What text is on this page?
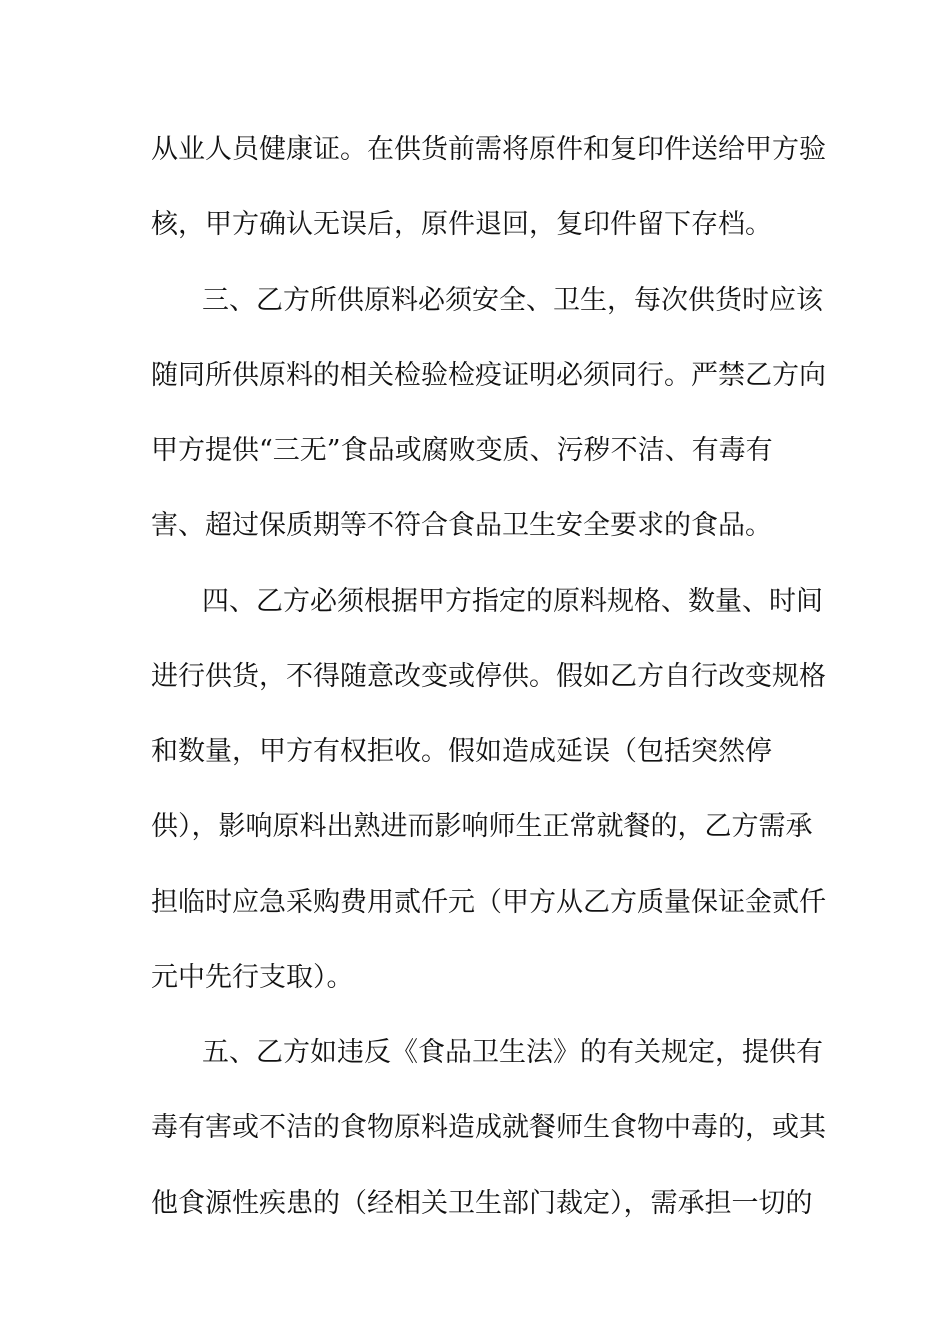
从业人员健康证。在供货前需将原件和复印件送给甲方验
核，甲方确认无误后，原件退回，复印件留下存档。
三、乙方所供原料必须安全、卫生，每次供货时应该
随同所供原料的相关检验检疫证明必须同行。严禁乙方向
甲方提供“三无”食品或腐败变质、污秽不洁、有毒有
害、超过保质期等不符合食品卫生安全要求的食品。
四、乙方必须根据甲方指定的原料规格、数量、时间
进行供货，不得随意改变或停供。假如乙方自行改变规格
和数量，甲方有权拒收。假如造成延误（包括突然停
供），影响原料出熟进而影响师生正常就餐的，乙方需承
担临时应急采购费用贰仟元（甲方从乙方质量保证金贰仟
元中先行支取）。
五、乙方如违反《食品卫生法》的有关规定，提供有
毒有害或不洁的食物原料造成就餐师生食物中毒的，或其
他食源性疾患的（经相关卫生部门裁定），需承担一切的
